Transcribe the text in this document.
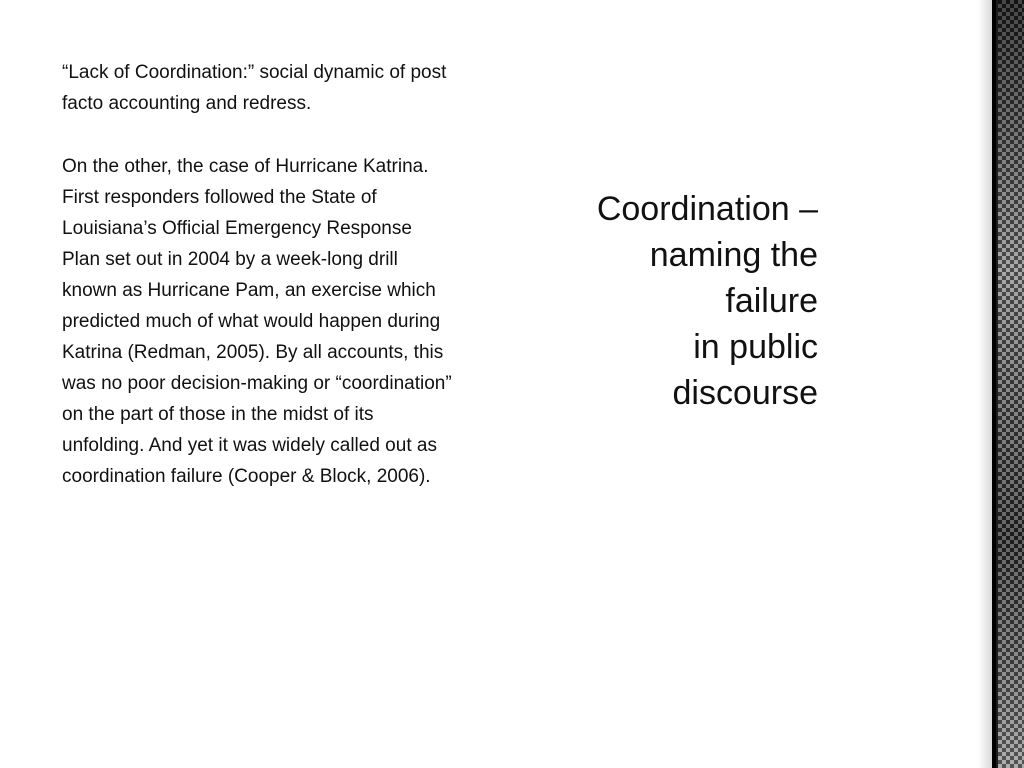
“Lack of Coordination:” social dynamic of post facto accounting and redress.

On the other, the case of Hurricane Katrina. First responders followed the State of Louisiana’s Official Emergency Response Plan set out in 2004 by a week-long drill known as Hurricane Pam, an exercise which predicted much of what would happen during Katrina (Redman, 2005). By all accounts, this was no poor decision-making or “coordination” on the part of those in the midst of its unfolding. And yet it was widely called out as coordination failure (Cooper & Block, 2006).

Coordination –
naming the
failure
in public
discourse
